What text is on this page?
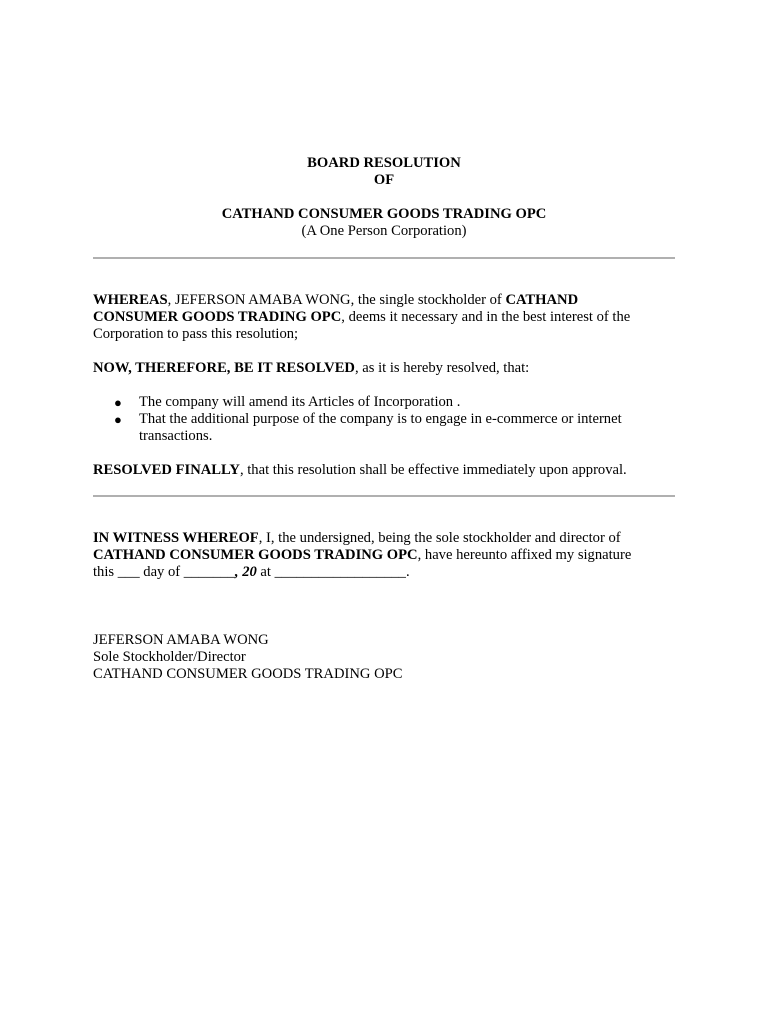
BOARD RESOLUTION
OF
CATHAND CONSUMER GOODS TRADING OPC
(A One Person Corporation)

WHEREAS, JEFERSON AMABA WONG, the single stockholder of CATHAND
CONSUMER GOODS TRADING OPC, deems it necessary and in the best interest of the Corporation to pass this resolution;

NOW, THEREFORE, BE IT RESOLVED, as it is hereby resolved, that:

● The company will amend its Articles of Incorporation .
● That the additional purpose of the company is to engage in e-commerce or internet transactions.

RESOLVED FINALLY, that this resolution shall be effective immediately upon approval.

IN WITNESS WHEREOF, I, the undersigned, being the sole stockholder and director of
CATHAND CONSUMER GOODS TRADING OPC, have hereunto affixed my signature
this ___ day of _______, 20 at __________________.

JEFERSON AMABA WONG
Sole Stockholder/Director
CATHAND CONSUMER GOODS TRADING OPC
